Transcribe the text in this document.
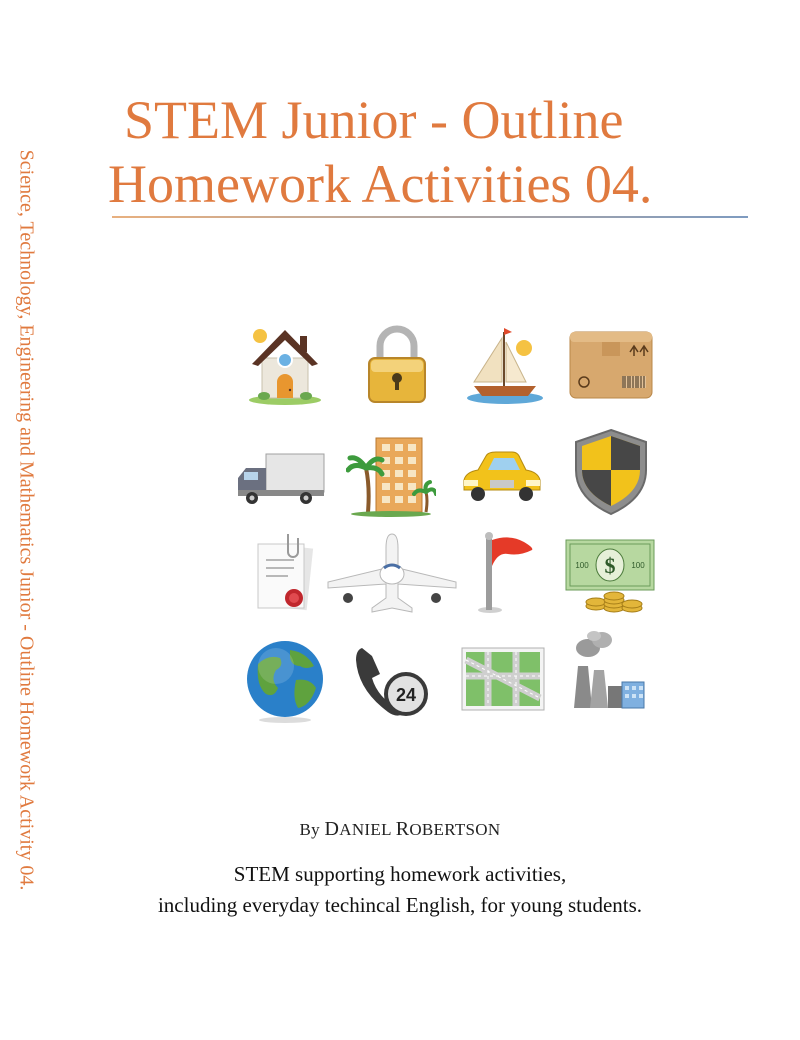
Science, Technology, Engineering and Mathematics Junior - Outline Homework Activity 04.
STEM Junior - Outline
Homework Activities 04.
$
100	100
24
By DANIEL ROBERTSON
STEM supporting homework activities,
including everyday techincal English, for young students.
